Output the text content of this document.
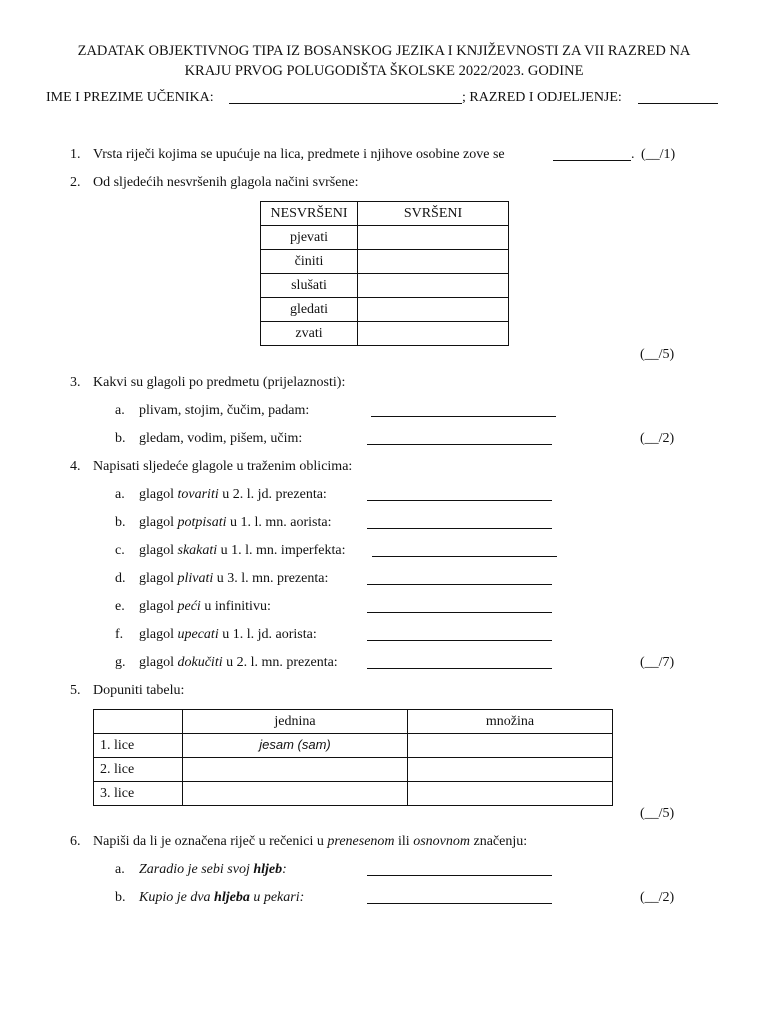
ZADATAK OBJEKTIVNOG TIPA IZ BOSANSKOG JEZIKA I KNJIŽEVNOSTI ZA VII RAZRED NA
KRAJU PRVOG POLUGODIŠTA ŠKOLSKE 2022/2023. GODINE
IME I PREZIME UČENIKA:	; RAZRED I ODJELJENJE:
1. Vrsta riječi kojima se upućuje na lica, predmete i njihove osobine zove se	. (__/1)
2. Od sljedećih nesvršenih glagola načini svršene:
NESVRŠENI	SVRŠENI
pjevati	
činiti	
slušati	
gledati	
zvati	
(__/5)
3. Kakvi su glagoli po predmetu (prijelaznosti):
a. plivam, stojim, čučim, padam:
b. gledam, vodim, pišem, učim:	(__/2)
4. Napisati sljedeće glagole u traženim oblicima:
a. glagol tovariti u 2. l. jd. prezenta:
b. glagol potpisati u 1. l. mn. aorista:
c. glagol skakati u 1. l. mn. imperfekta:
d. glagol plivati u 3. l. mn. prezenta:
e. glagol peći u infinitivu:
f. glagol upecati u 1. l. jd. aorista:
g. glagol dokučiti u 2. l. mn. prezenta:	(__/7)
5. Dopuniti tabelu:
	jednina	množina
1. lice	jesam (sam)	
2. lice		
3. lice		
(__/5)
6. Napiši da li je označena riječ u rečenici u prenesenom ili osnovnom značenju:
a. Zaradio je sebi svoj hljeb:
b. Kupio je dva hljeba u pekari:	(__/2)
